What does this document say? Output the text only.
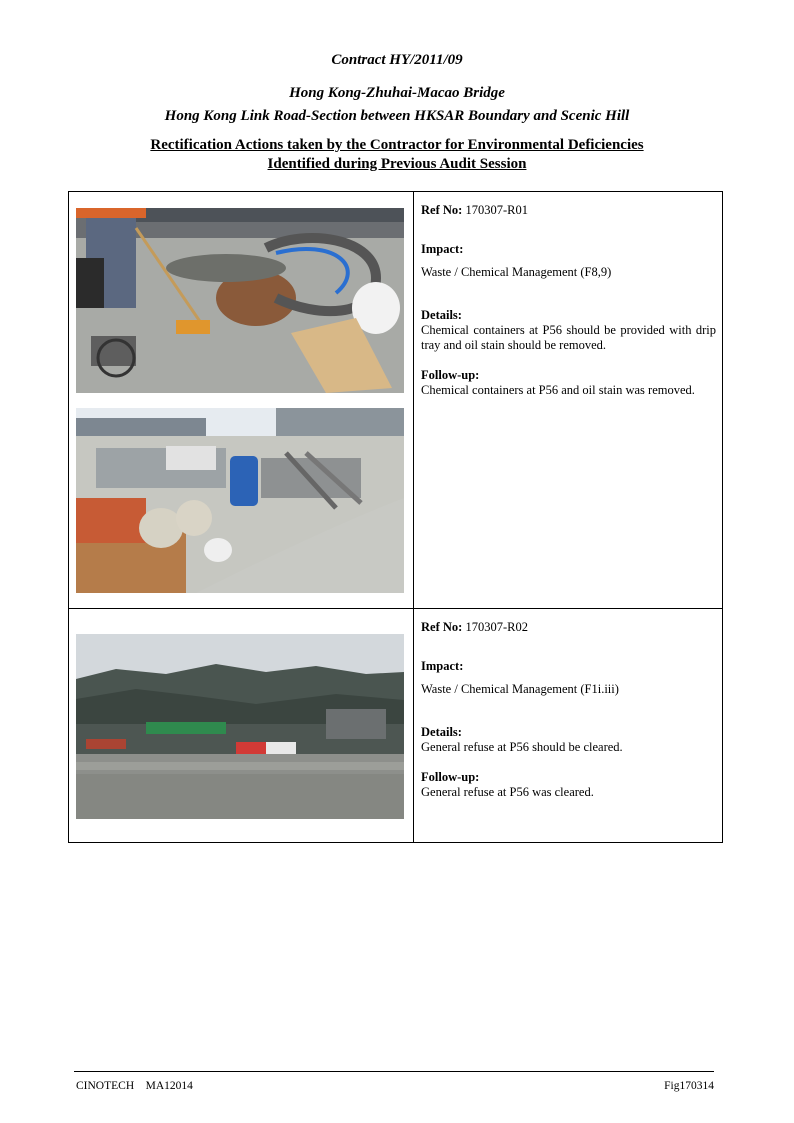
Contract HY/2011/09
Hong Kong-Zhuhai-Macao Bridge
Hong Kong Link Road-Section between HKSAR Boundary and Scenic Hill
Rectification Actions taken by the Contractor for Environmental Deficiencies
Identified during Previous Audit Session
Ref No: 170307-R01
Impact:
Waste / Chemical Management (F8,9)
Details:
Chemical containers at P56 should be provided with drip tray and oil stain should be removed.
Follow-up:
Chemical containers at P56 and oil stain was removed.
Ref No: 170307-R02
Impact:
Waste / Chemical Management (F1i.iii)
Details:
General refuse at P56 should be cleared.
Follow-up:
General refuse at P56 was cleared.
CINOTECH    MA12014	Fig170314
